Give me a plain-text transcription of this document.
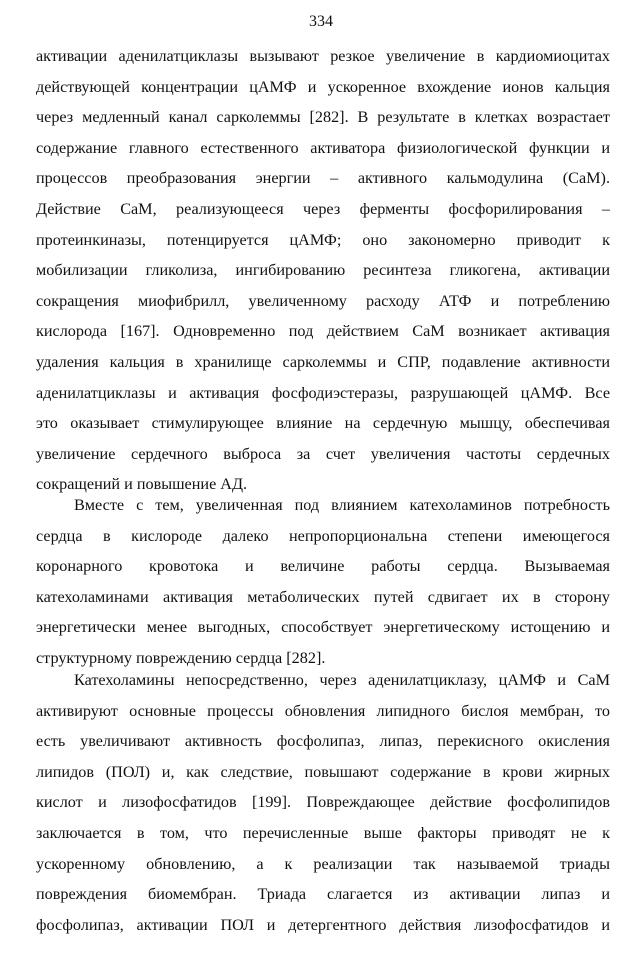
334
активации аденилатциклазы вызывают резкое увеличение в кардиомиоцитах
действующей концентрации цАМФ и ускоренное вхождение ионов кальция
через медленный канал сарколеммы [282]. В результате в клетках возрастает
содержание главного естественного активатора физиологической функции и
процессов преобразования энергии – активного кальмодулина (СаМ).
Действие СаМ, реализующееся через ферменты фосфорилирования –
протеинкиназы, потенцируется цАМФ; оно закономерно приводит к
мобилизации гликолиза, ингибированию ресинтеза гликогена, активации
сокращения миофибрилл, увеличенному расходу АТФ и потреблению
кислорода [167]. Одновременно под действием СаМ возникает активация
удаления кальция в хранилище сарколеммы и СПР, подавление активности
аденилатциклазы и активация фосфодиэстеразы, разрушающей цАМФ. Все
это оказывает стимулирующее влияние на сердечную мышцу, обеспечивая
увеличение сердечного выброса за счет увеличения частоты сердечных
сокращений и повышение АД.
Вместе с тем, увеличенная под влиянием катехоламинов потребность
сердца в кислороде далеко непропорциональна степени имеющегося
коронарного кровотока и величине работы сердца. Вызываемая
катехоламинами активация метаболических путей сдвигает их в сторону
энергетически менее выгодных, способствует энергетическому истощению и
структурному повреждению сердца [282].
Катехоламины непосредственно, через аденилатциклазу, цАМФ и СаМ
активируют основные процессы обновления липидного бислоя мембран, то
есть увеличивают активность фосфолипаз, липаз, перекисного окисления
липидов (ПОЛ) и, как следствие, повышают содержание в крови жирных
кислот и лизофосфатидов [199]. Повреждающее действие фосфолипидов
заключается в том, что перечисленные выше факторы приводят не к
ускоренному обновлению, а к реализации так называемой триады
повреждения биомембран. Триада слагается из активации липаз и
фосфолипаз, активации ПОЛ и детергентного действия лизофосфатидов и
